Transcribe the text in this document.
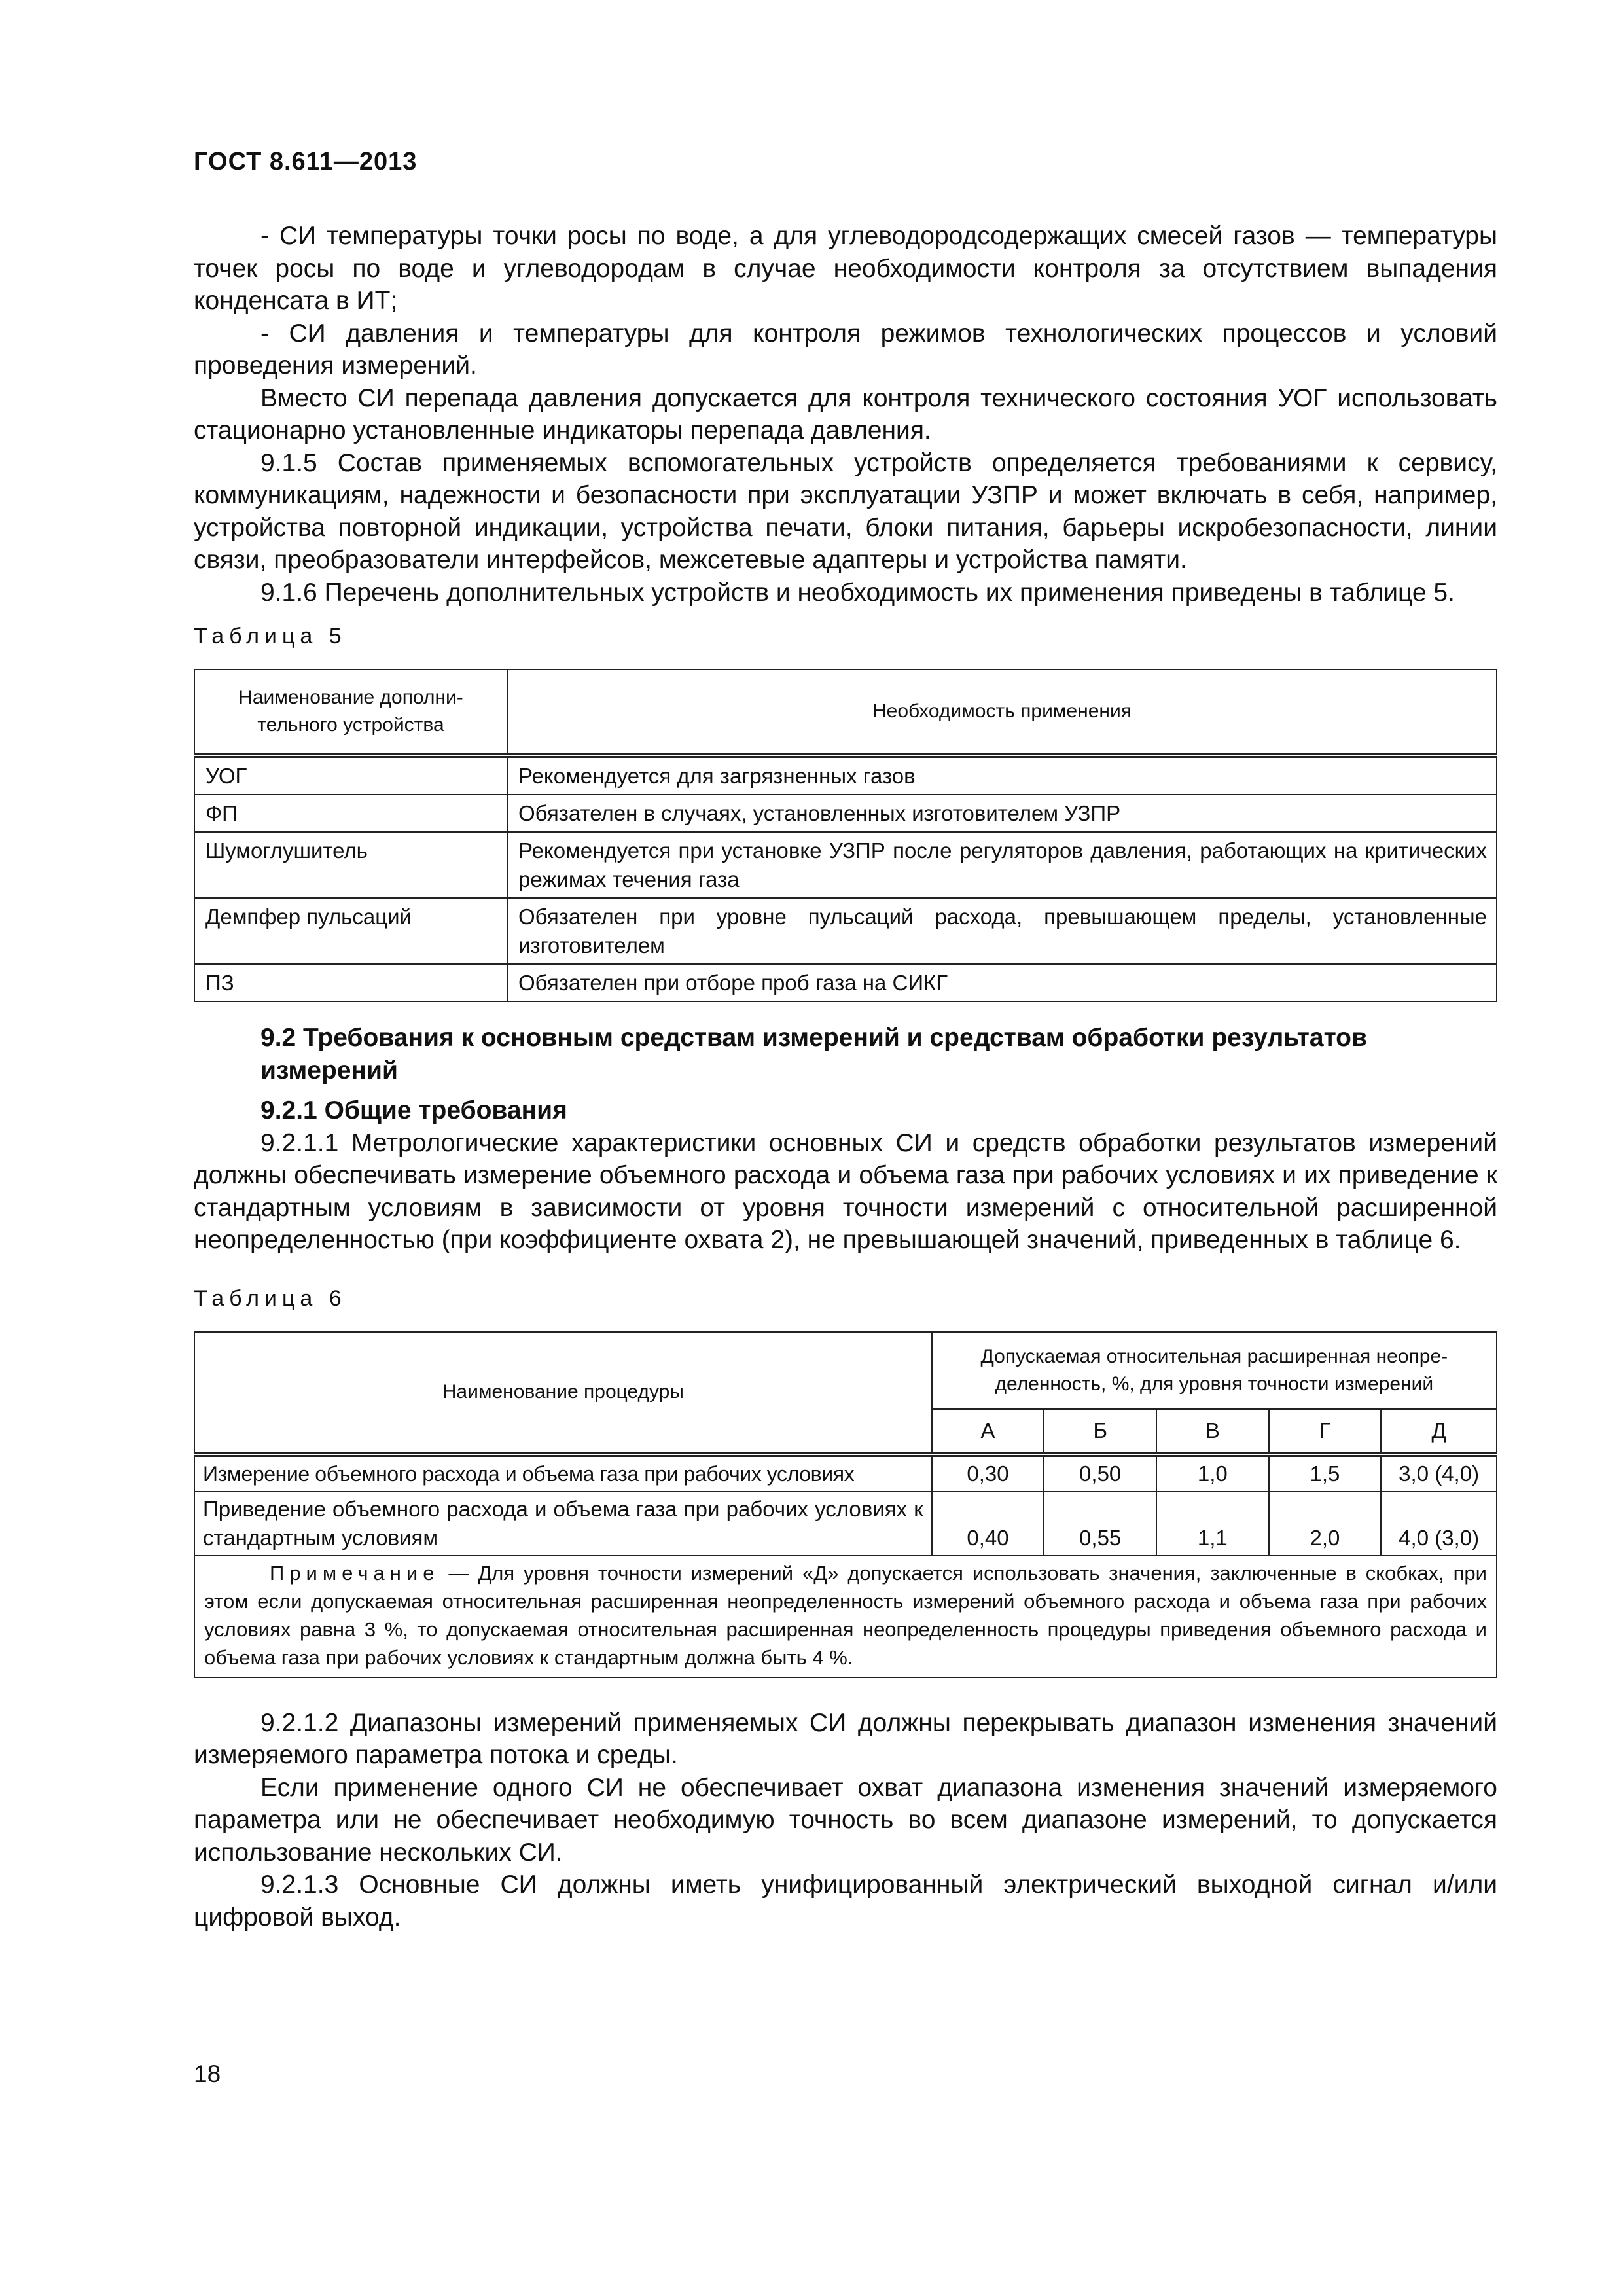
ГОСТ 8.611—2013

- СИ температуры точки росы по воде, а для углеводородсодержащих смесей газов — температуры точек росы по воде и углеводородам в случае необходимости контроля за отсутствием выпадения конденсата в ИТ;

- СИ давления и температуры для контроля режимов технологических процессов и условий проведения измерений.

Вместо СИ перепада давления допускается для контроля технического состояния УОГ использовать стационарно установленные индикаторы перепада давления.

9.1.5 Состав применяемых вспомогательных устройств определяется требованиями к сервису, коммуникациям, надежности и безопасности при эксплуатации УЗПР и может включать в себя, например, устройства повторной индикации, устройства печати, блоки питания, барьеры искробезопасности, линии связи, преобразователи интерфейсов, межсетевые адаптеры и устройства памяти.

9.1.6 Перечень дополнительных устройств и необходимость их применения приведены в таблице 5.

Таблица 5
Наименование дополни-тельного устройства	Необходимость применения
УОГ	Рекомендуется для загрязненных газов
ФП	Обязателен в случаях, установленных изготовителем УЗПР
Шумоглушитель	Рекомендуется при установке УЗПР после регуляторов давления, работающих на критических режимах течения газа
Демпфер пульсаций	Обязателен при уровне пульсаций расхода, превышающем пределы, установленные изготовителем
ПЗ	Обязателен при отборе проб газа на СИКГ
9.2 Требования к основным средствам измерений и средствам обработки результатов измерений
9.2.1 Общие требования

9.2.1.1 Метрологические характеристики основных СИ и средств обработки результатов измерений должны обеспечивать измерение объемного расхода и объема газа при рабочих условиях и их приведение к стандартным условиям в зависимости от уровня точности измерений с относительной расширенной неопределенностью (при коэффициенте охвата 2), не превышающей значений, приведенных в таблице 6.

Таблица 6
Наименование процедуры	Допускаемая относительная расширенная неопре-деленность, %, для уровня точности измерений				
	А	Б	В	Г	Д
Измерение объемного расхода и объема газа при рабочих условиях	0,30	0,50	1,0	1,5	3,0 (4,0)
Приведение объемного расхода и объема газа при рабочих условиях к стандартным условиям	0,40	0,55	1,1	2,0	4,0 (3,0)
Примечание — Для уровня точности измерений «Д» допускается использовать значения, заключенные в скобках, при этом если допускаемая относительная расширенная неопределенность измерений объемного расхода и объема газа при рабочих условиях равна 3 %, то допускаемая относительная расширенная неопределенность процедуры приведения объемного расхода и объема газа при рабочих условиях к стандартным должна быть 4 %.					

9.2.1.2 Диапазоны измерений применяемых СИ должны перекрывать диапазон изменения значений измеряемого параметра потока и среды.

Если применение одного СИ не обеспечивает охват диапазона изменения значений измеряемого параметра или не обеспечивает необходимую точность во всем диапазоне измерений, то допускается использование нескольких СИ.

9.2.1.3 Основные СИ должны иметь унифицированный электрический выходной сигнал и/или цифровой выход.

18
